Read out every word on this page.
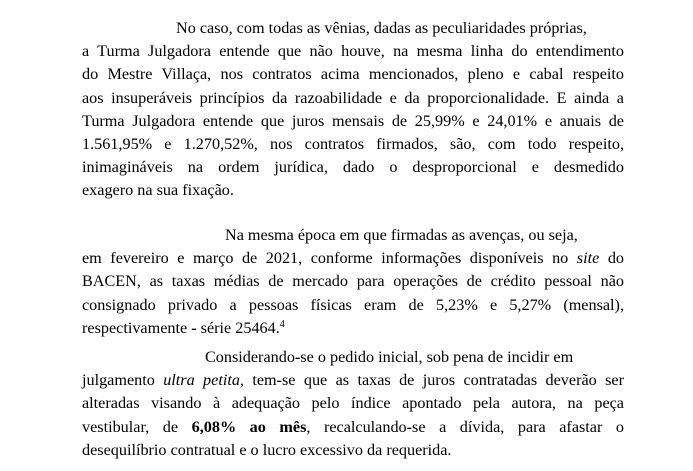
No caso, com todas as vênias, dadas as peculiaridades próprias,
a Turma Julgadora entende que não houve, na mesma linha do entendimento
do Mestre Villaça, nos contratos acima mencionados, pleno e cabal respeito
aos insuperáveis princípios da razoabilidade e da proporcionalidade. E ainda a
Turma Julgadora entende que juros mensais de 25,99% e 24,01% e anuais de
1.561,95% e 1.270,52%, nos contratos firmados, são, com todo respeito,
inimagináveis na ordem jurídica, dado o desproporcional e desmedido
exagero na sua fixação.
Na mesma época em que firmadas as avenças, ou seja,
em fevereiro e março de 2021, conforme informações disponíveis no site do
BACEN, as taxas médias de mercado para operações de crédito pessoal não
consignado privado a pessoas físicas eram de 5,23% e 5,27% (mensal),
respectivamente - série 25464.$^4$
Considerando-se o pedido inicial, sob pena de incidir em
julgamento ultra petita, tem-se que as taxas de juros contratadas deverão ser
alteradas visando à adequação pelo índice apontado pela autora, na peça
vestibular, de 6,08% ao mês, recalculando-se a dívida, para afastar o
desequilíbrio contratual e o lucro excessivo da requerida.
